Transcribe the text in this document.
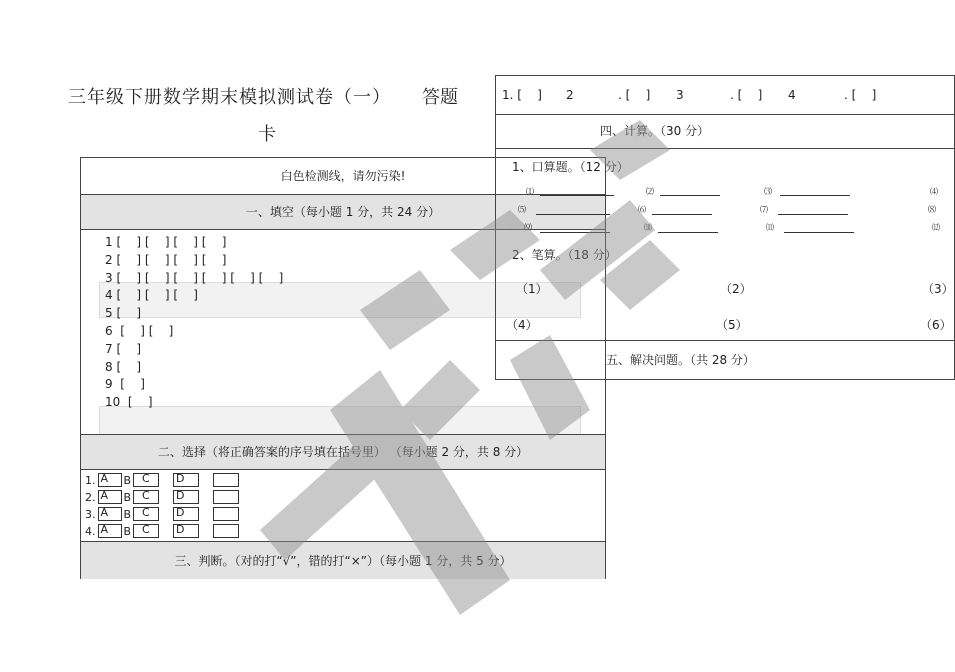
三年级下册数学期末模拟测试卷（一） 答题
卡
白色检测线，请勿污染!
一、填空（每小题 1 分，共 24 分）
1 [    ] [    ] [    ] [    ]
2 [    ] [    ] [    ] [    ]
3 [    ] [    ] [    ] [    ] [    ] [    ]
4 [    ] [    ] [    ]
5 [    ]
6  [    ] [    ]
7 [    ]
8 [    ]
9  [    ]
10  [    ]
二、选择（将正确答案的序号填在括号里） （每小题 2 分，共 8 分）
1. A B C D
2. A B C D
3. A B C D
4. A B C D
三、判断。（对的打“√”，错的打“×”）（每小题 1 分，共 5 分）
1. [    ] 2	. [    ] 3	. [    ] 4	. [    ]
四、计算。（30 分）
1、口算题。（12 分）
⑴	⑵	⑶	⑷
⑸	⑹	⑺	⑻
⑼	⑽	⑾	⑿
2、笔算。（18 分）
（1）	（2）	（3）
（4）	（5）	（6）
五、解决问题。（共 28 分）
